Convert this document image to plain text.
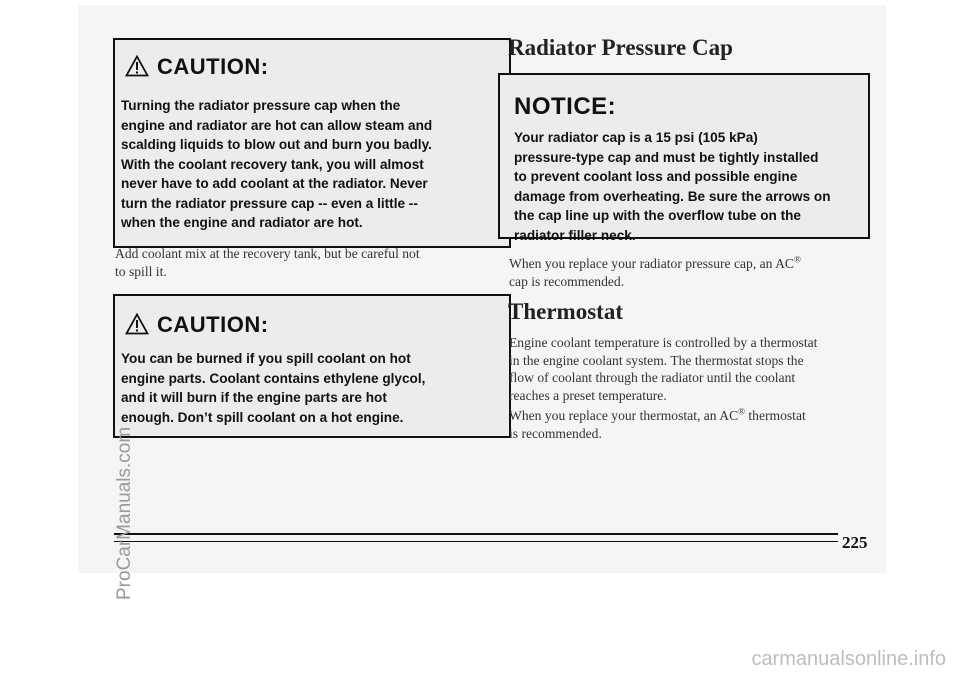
CAUTION:
Turning the radiator pressure cap when the
engine and radiator are hot can allow steam and
scalding liquids to blow out and burn you badly.
With the coolant recovery tank, you will almost
never have to add coolant at the radiator. Never
turn the radiator pressure cap -- even a little --
when the engine and radiator are hot.
Add coolant mix at the recovery tank, but be careful not
to spill it.
CAUTION:
You can be burned if you spill coolant on hot
engine parts. Coolant contains ethylene glycol,
and it will burn if the engine parts are hot
enough. Don’t spill coolant on a hot engine.
Radiator Pressure Cap
NOTICE:
Your radiator cap is a 15 psi (105 kPa)
pressure-type cap and must be tightly installed
to prevent coolant loss and possible engine
damage from overheating. Be sure the arrows on
the cap line up with the overflow tube on the
radiator filler neck.
When you replace your radiator pressure cap, an AC®
cap is recommended.
Thermostat
Engine coolant temperature is controlled by a thermostat
in the engine coolant system. The thermostat stops the
flow of coolant through the radiator until the coolant
reaches a preset temperature.
When you replace your thermostat, an AC® thermostat
is recommended.
225
ProCarManuals.com
carmanualsonline.info
